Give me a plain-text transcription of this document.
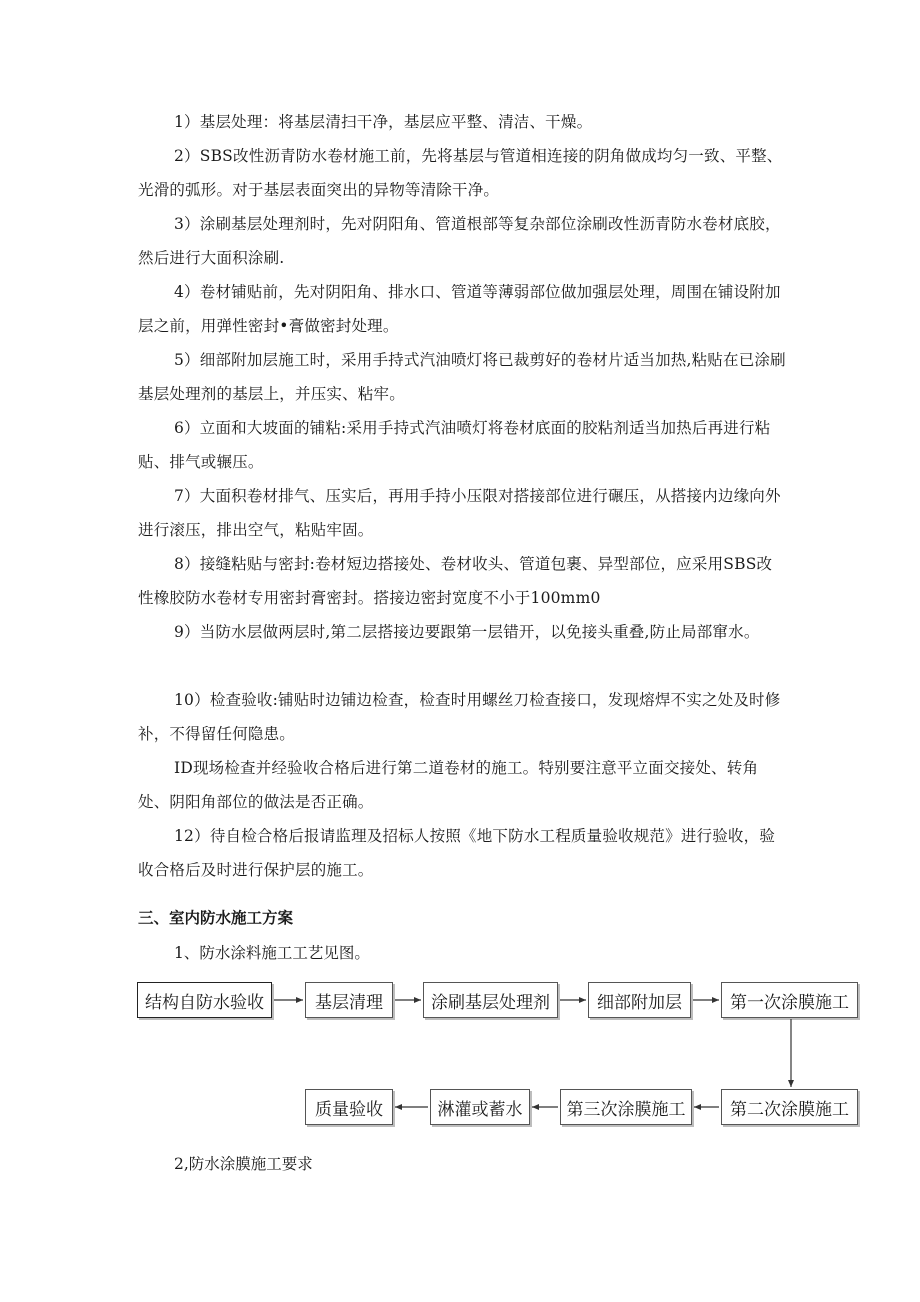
1）基层处理：将基层清扫干净，基层应平整、清洁、干燥。

2）SBS改性沥青防水卷材施工前，先将基层与管道相连接的阴角做成均匀一致、平整、光滑的弧形。对于基层表面突出的异物等清除干净。

3）涂刷基层处理剂时，先对阴阳角、管道根部等复杂部位涂刷改性沥青防水卷材底胶，然后进行大面积涂刷.

4）卷材铺贴前，先对阴阳角、排水口、管道等薄弱部位做加强层处理，周围在铺设附加层之前，用弹性密封•膏做密封处理。

5）细部附加层施工时，采用手持式汽油喷灯将已裁剪好的卷材片适当加热,粘贴在已涂刷基层处理剂的基层上，并压实、粘牢。

6）立面和大坡面的铺粘:采用手持式汽油喷灯将卷材底面的胶粘剂适当加热后再进行粘贴、排气或辗压。

7）大面积卷材排气、压实后，再用手持小压限对搭接部位进行碾压，从搭接内边缘向外进行滚压，排出空气，粘贴牢固。

8）接缝粘贴与密封:卷材短边搭接处、卷材收头、管道包裹、异型部位，应采用SBS改性橡胶防水卷材专用密封膏密封。搭接边密封宽度不小于100mm0

9）当防水层做两层时,第二层搭接边要跟第一层错开，以免接头重叠,防止局部窜水。

10）检查验收:铺贴时边铺边检查，检查时用螺丝刀检查接口，发现熔焊不实之处及时修补，不得留任何隐患。

ID现场检查并经验收合格后进行第二道卷材的施工。特别要注意平立面交接处、转角处、阴阳角部位的做法是否正确。

12）待自检合格后报请监理及招标人按照《地下防水工程质量验收规范》进行验收，验收合格后及时进行保护层的施工。

三、室内防水施工方案

1、防水涂料施工工艺见图。

结构自防水验收	基层清理	涂刷基层处理剂	细部附加层	第一次涂膜施工
质量验收	淋灌或蓄水	第三次涂膜施工	第二次涂膜施工

2,防水涂膜施工要求
